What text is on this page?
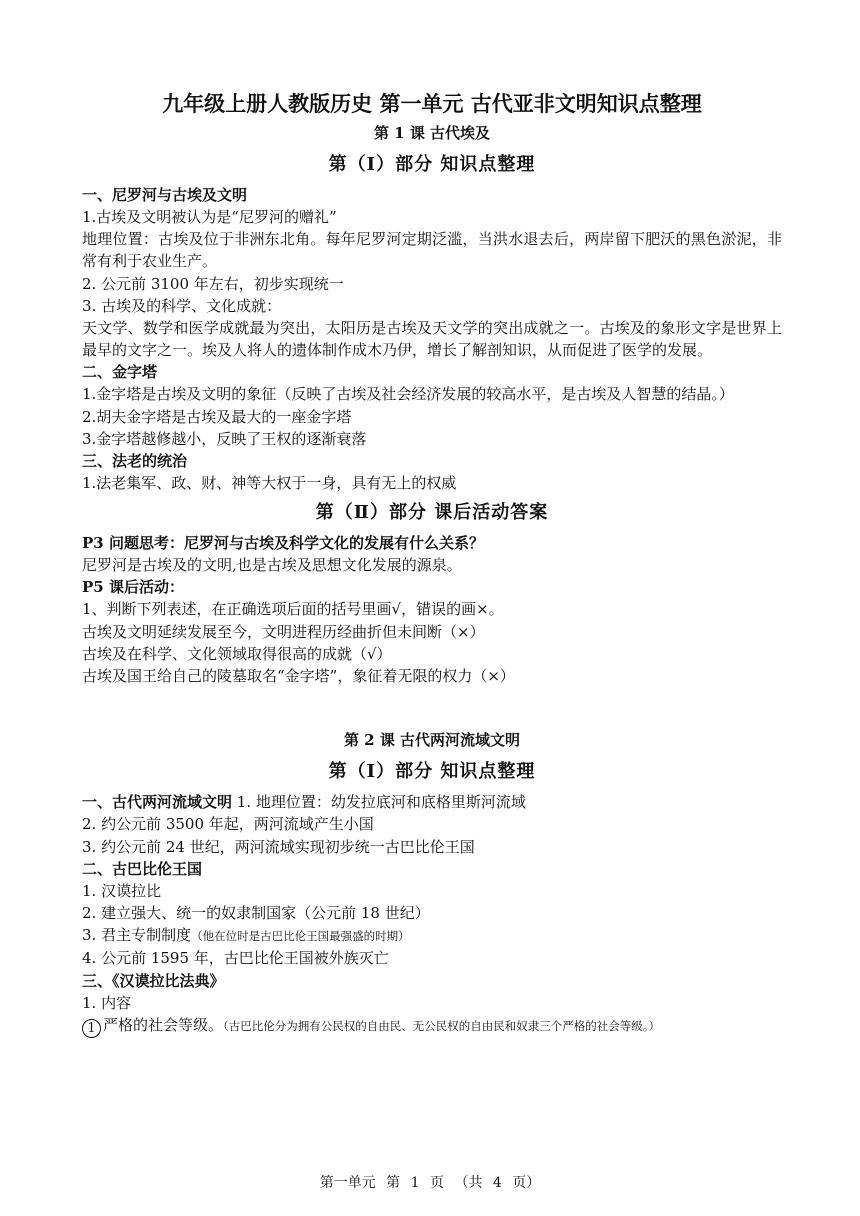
九年级上册人教版历史 第一单元 古代亚非文明知识点整理

第 1 课 古代埃及

第（Ⅰ）部分 知识点整理

一、尼罗河与古埃及文明

1.古埃及文明被认为是“尼罗河的赠礼”

地理位置：古埃及位于非洲东北角。每年尼罗河定期泛滥，当洪水退去后，两岸留下肥沃的黑色淤泥，非常有利于农业生产。

2. 公元前 3100 年左右，初步实现统一

3. 古埃及的科学、文化成就：

天文学、数学和医学成就最为突出，太阳历是古埃及天文学的突出成就之一。古埃及的象形文字是世界上最早的文字之一。埃及人将人的遗体制作成木乃伊，增长了解剖知识，从而促进了医学的发展。

二、金字塔

1.金字塔是古埃及文明的象征（反映了古埃及社会经济发展的较高水平，是古埃及人智慧的结晶。）

2.胡夫金字塔是古埃及最大的一座金字塔

3.金字塔越修越小，反映了王权的逐渐衰落

三、法老的统治

1.法老集军、政、财、神等大权于一身，具有无上的权威

第（Ⅱ）部分 课后活动答案

P3 问题思考：尼罗河与古埃及科学文化的发展有什么关系？

尼罗河是古埃及的文明,也是古埃及思想文化发展的源泉。

P5 课后活动：

1、判断下列表述，在正确选项后面的括号里画√，错误的画×。

古埃及文明延续发展至今，文明进程历经曲折但未间断（×）

古埃及在科学、文化领域取得很高的成就（√）

古埃及国王给自己的陵墓取名“金字塔”，象征着无限的权力（×）

第 2 课 古代两河流域文明

第（Ⅰ）部分 知识点整理

一、古代两河流域文明 1. 地理位置：幼发拉底河和底格里斯河流域

2. 约公元前 3500 年起，两河流域产生小国

3. 约公元前 24 世纪，两河流域实现初步统一古巴比伦王国

二、古巴比伦王国

1. 汉谟拉比

2. 建立强大、统一的奴隶制国家（公元前 18 世纪）

3. 君主专制制度（他在位时是古巴比伦王国最强盛的时期）

4. 公元前 1595 年，古巴比伦王国被外族灭亡

三、《汉谟拉比法典》

1. 内容

1 严格的社会等级。（古巴比伦分为拥有公民权的自由民、无公民权的自由民和奴隶三个严格的社会等级。）

第一单元 第 1 页 （共 4 页）
